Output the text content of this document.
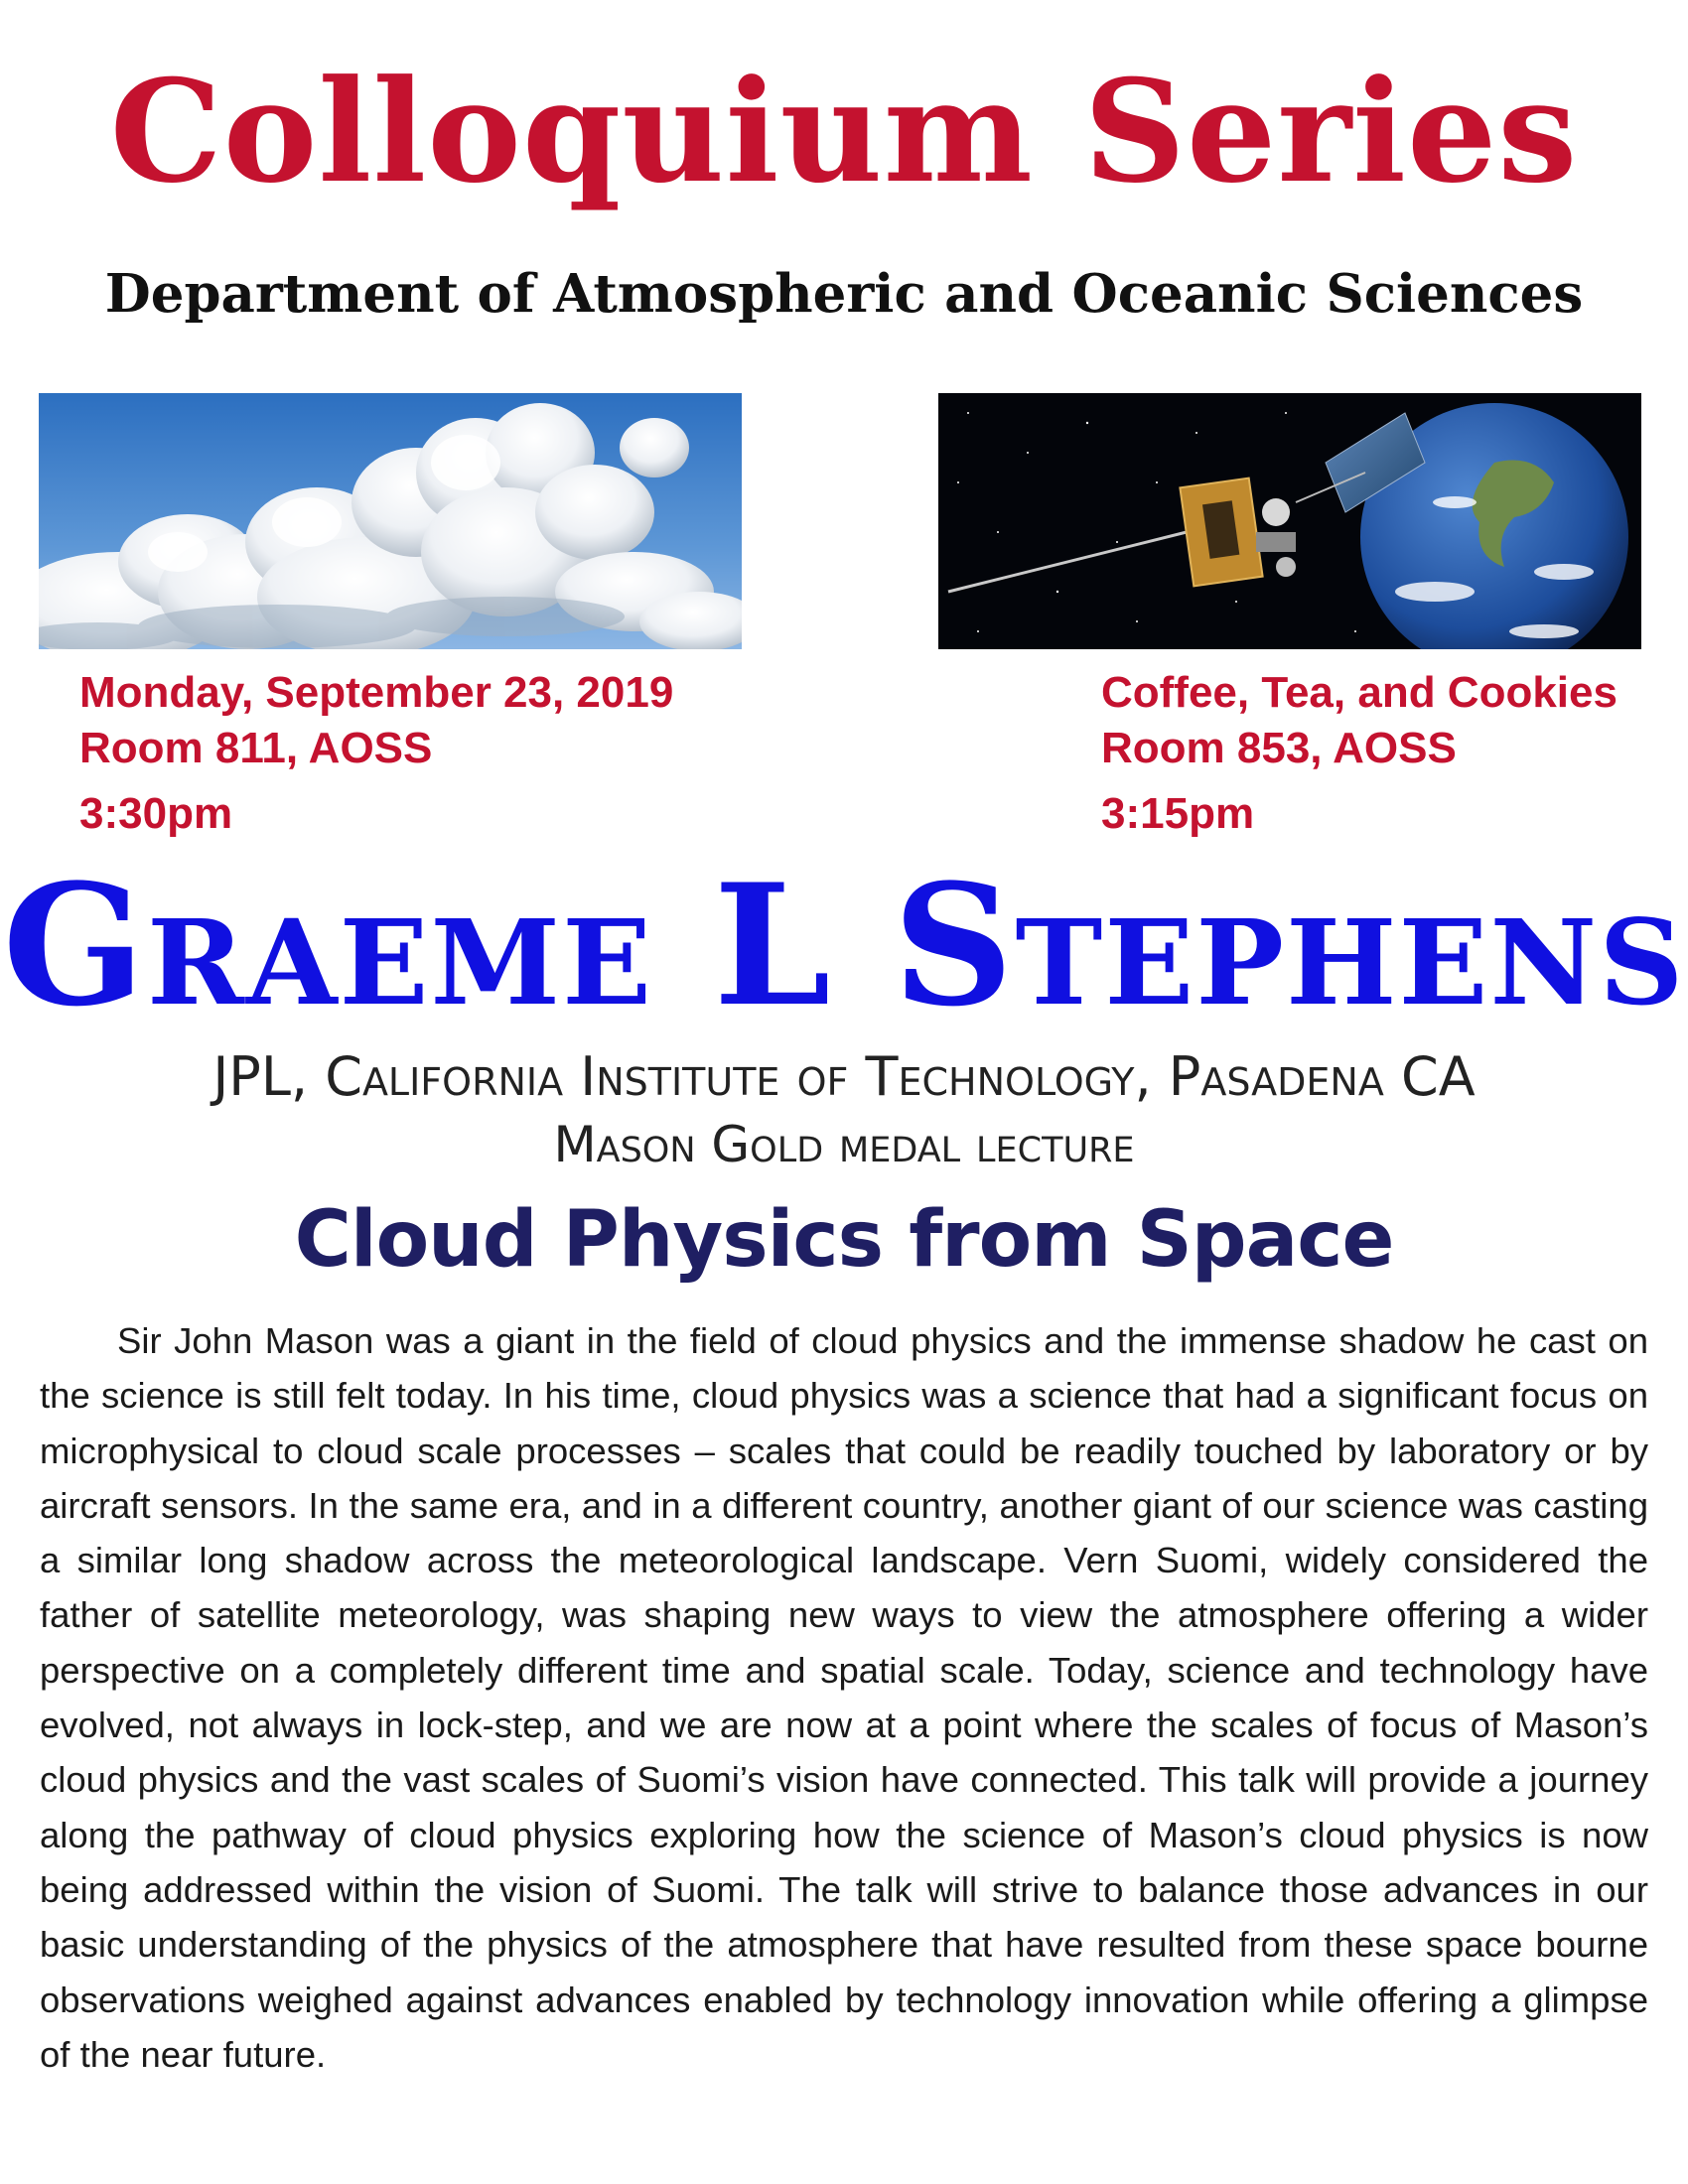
Colloquium Series
Department of Atmospheric and Oceanic Sciences
Monday, September 23, 2019
Room 811, AOSS
3:30pm
Coffee, Tea, and Cookies
Room 853, AOSS
3:15pm
Graeme L Stephens
JPL, California Institute of Technology, Pasadena CA
Mason Gold medal lecture
Cloud Physics from Space

Sir John Mason was a giant in the field of cloud physics and the immense shadow he cast on the science is still felt today. In his time, cloud physics was a science that had a significant focus on microphysical to cloud scale processes – scales that could be readily touched by laboratory or by aircraft sensors. In the same era, and in a different country, another giant of our science was casting a similar long shadow across the meteorological landscape. Vern Suomi, widely considered the father of satellite meteorology, was shaping new ways to view the atmosphere offering a wider perspective on a completely different time and spatial scale. Today, science and technology have evolved, not always in lock-step, and we are now at a point where the scales of focus of Mason’s cloud physics and the vast scales of Suomi’s vision have connected. This talk will provide a journey along the pathway of cloud physics exploring how the science of Mason’s cloud physics is now being addressed within the vision of Suomi. The talk will strive to balance those advances in our basic understanding of the physics of the atmosphere that have resulted from these space bourne observations weighed against advances enabled by technology innovation while offering a glimpse of the near future.
